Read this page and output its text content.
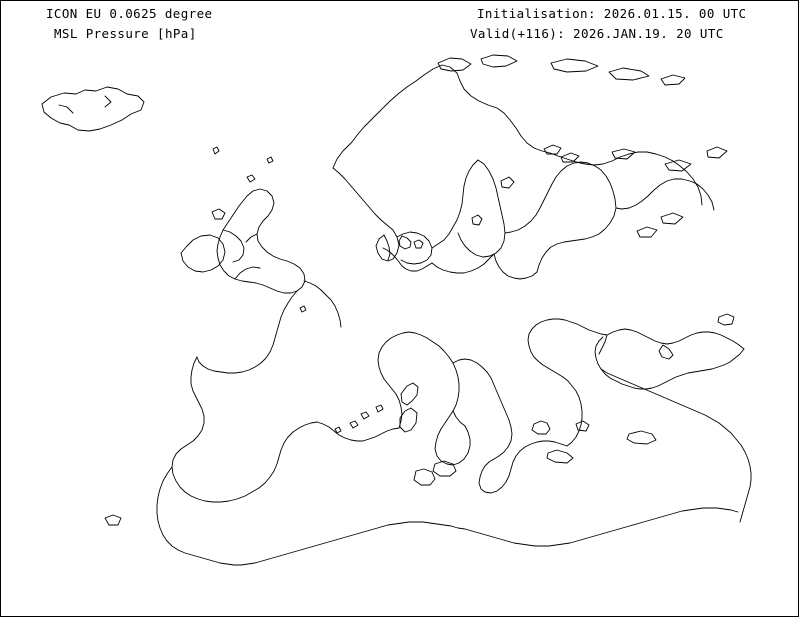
ICON EU 0.0625 degree
MSL Pressure [hPa]
Initialisation: 2026.01.15. 00 UTC
Valid(+116): 2026.JAN.19. 20 UTC
